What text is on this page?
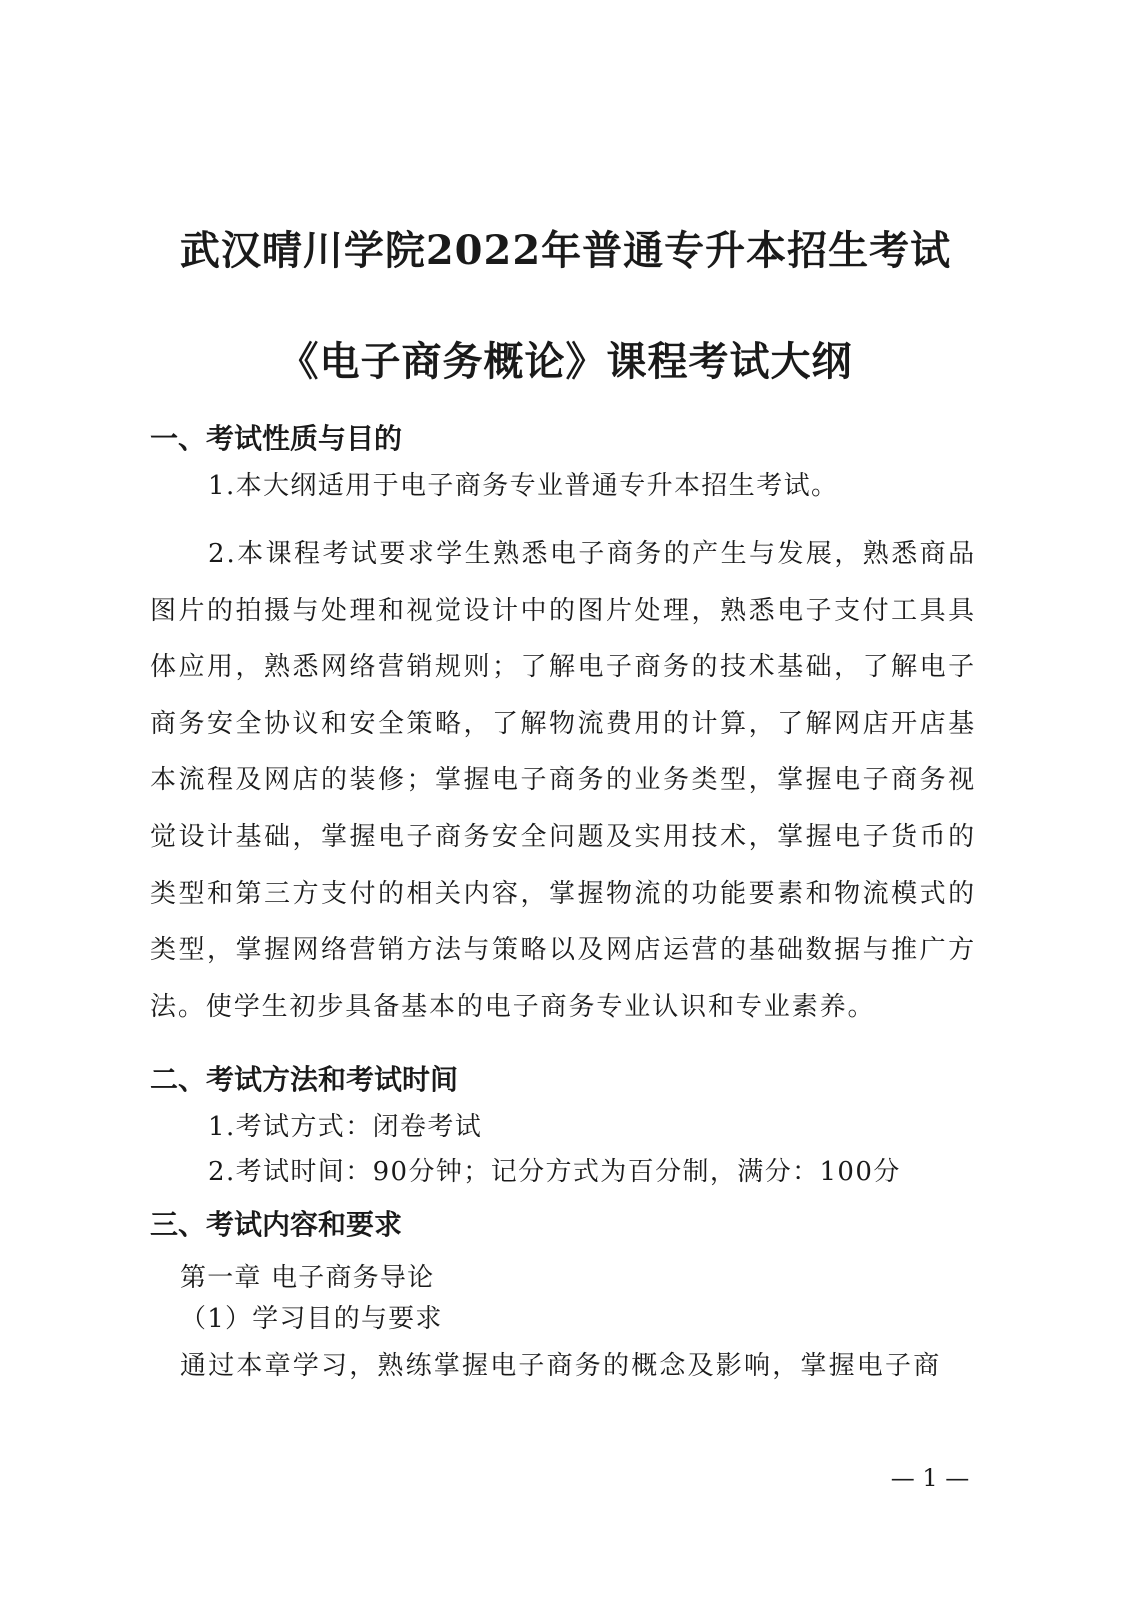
武汉晴川学院2022年普通专升本招生考试
《电子商务概论》课程考试大纲
一、考试性质与目的
1.本大纲适用于电子商务专业普通专升本招生考试。

2.本课程考试要求学生熟悉电子商务的产生与发展，熟悉商品图片的拍摄与处理和视觉设计中的图片处理，熟悉电子支付工具具体应用，熟悉网络营销规则；了解电子商务的技术基础，了解电子商务安全协议和安全策略，了解物流费用的计算，了解网店开店基本流程及网店的装修；掌握电子商务的业务类型，掌握电子商务视觉设计基础，掌握电子商务安全问题及实用技术，掌握电子货币的类型和第三方支付的相关内容，掌握物流的功能要素和物流模式的类型，掌握网络营销方法与策略以及网店运营的基础数据与推广方法。使学生初步具备基本的电子商务专业认识和专业素养。

二、考试方法和考试时间
1.考试方式：闭卷考试
2.考试时间：90分钟；记分方式为百分制，满分：100分
三、考试内容和要求
第一章 电子商务导论
（1）学习目的与要求
通过本章学习，熟练掌握电子商务的概念及影响，掌握电子商
— 1 —
